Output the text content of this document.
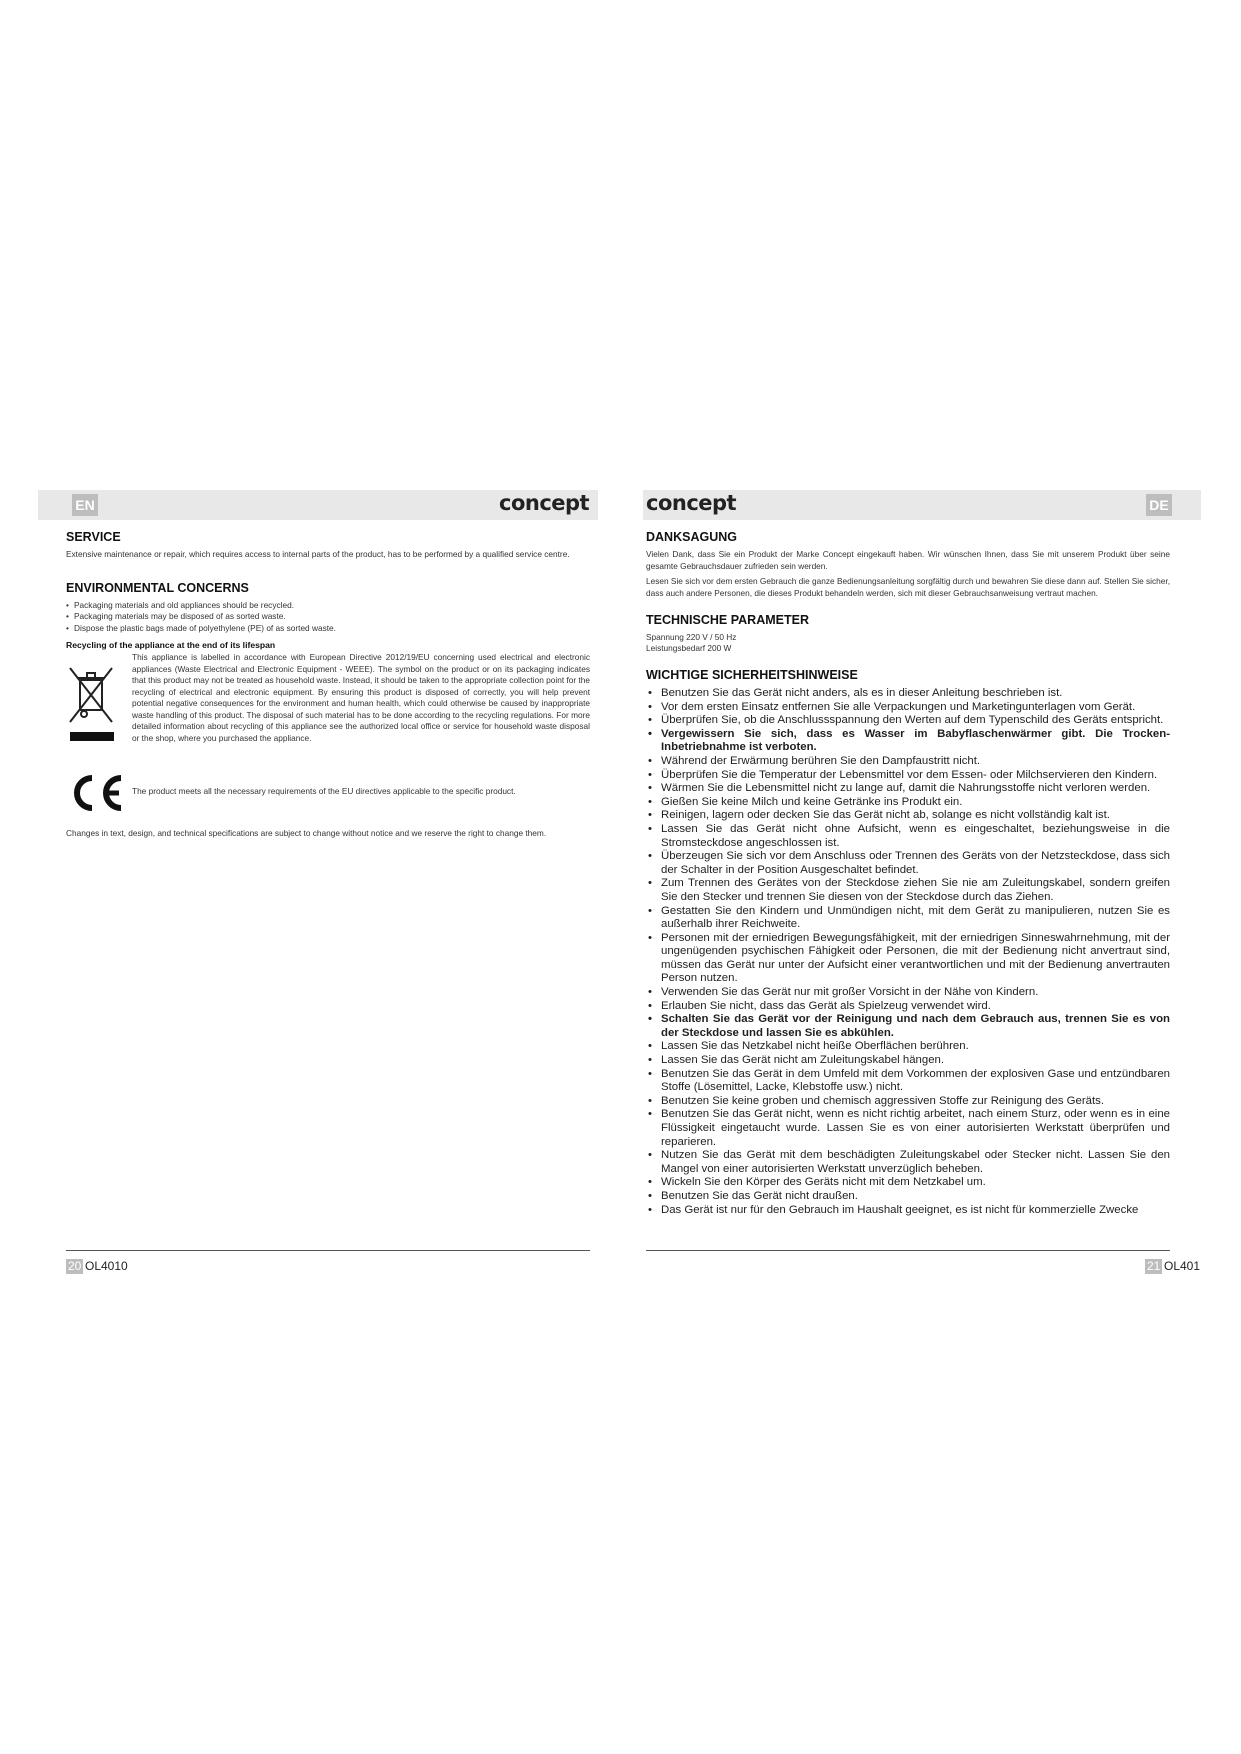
EN	concept	concept	DE
SERVICE

Extensive maintenance or repair, which requires access to internal parts of the product, has to be performed by a qualified service centre.

ENVIRONMENTAL CONCERNS
• Packaging materials and old appliances should be recycled.
• Packaging materials may be disposed of as sorted waste.
• Dispose the plastic bags made of polyethylene (PE) of as sorted waste.
Recycling of the appliance at the end of its lifespan

This appliance is labelled in accordance with European Directive 2012/19/EU concerning used electrical and electronic appliances (Waste Electrical and Electronic Equipment - WEEE). The symbol on the product or on its packaging indicates that this product may not be treated as household waste. Instead, it should be taken to the appropriate collection point for the recycling of electrical and electronic equipment. By ensuring this product is disposed of correctly, you will help prevent potential negative consequences for the environment and human health, which could otherwise be caused by inappropriate waste handling of this product. The disposal of such material has to be done according to the recycling regulations. For more detailed information about recycling of this appliance see the authorized local office or service for household waste disposal or the shop, where you purchased the appliance.

The product meets all the necessary requirements of the EU directives applicable to the specific product.

Changes in text, design, and technical specifications are subject to change without notice and we reserve the right to change them.

DANKSAGUNG

Vielen Dank, dass Sie ein Produkt der Marke Concept eingekauft haben. Wir wünschen Ihnen, dass Sie mit unserem Produkt über seine gesamte Gebrauchsdauer zufrieden sein werden.

Lesen Sie sich vor dem ersten Gebrauch die ganze Bedienungsanleitung sorgfältig durch und bewahren Sie diese dann auf. Stellen Sie sicher, dass auch andere Personen, die dieses Produkt behandeln werden, sich mit dieser Gebrauchsanweisung vertraut machen.

TECHNISCHE PARAMETER
Spannung 220 V / 50 Hz
Leistungsbedarf 200 W
WICHTIGE SICHERHEITSHINWEISE
• Benutzen Sie das Gerät nicht anders, als es in dieser Anleitung beschrieben ist.
• Vor dem ersten Einsatz entfernen Sie alle Verpackungen und Marketingunterlagen vom Gerät.
• Überprüfen Sie, ob die Anschlussspannung den Werten auf dem Typenschild des Geräts entspricht.
• Vergewissern Sie sich, dass es Wasser im Babyflaschenwärmer gibt. Die Trocken-Inbetriebnahme ist verboten.
• Während der Erwärmung berühren Sie den Dampfaustritt nicht.
• Überprüfen Sie die Temperatur der Lebensmittel vor dem Essen- oder Milchservieren den Kindern.
• Wärmen Sie die Lebensmittel nicht zu lange auf, damit die Nahrungsstoffe nicht verloren werden.
• Gießen Sie keine Milch und keine Getränke ins Produkt ein.
• Reinigen, lagern oder decken Sie das Gerät nicht ab, solange es nicht vollständig kalt ist.
• Lassen Sie das Gerät nicht ohne Aufsicht, wenn es eingeschaltet, beziehungsweise in die Stromsteckdose angeschlossen ist.
• Überzeugen Sie sich vor dem Anschluss oder Trennen des Geräts von der Netzsteckdose, dass sich der Schalter in der Position Ausgeschaltet befindet.
• Zum Trennen des Gerätes von der Steckdose ziehen Sie nie am Zuleitungskabel, sondern greifen Sie den Stecker und trennen Sie diesen von der Steckdose durch das Ziehen.
• Gestatten Sie den Kindern und Unmündigen nicht, mit dem Gerät zu manipulieren, nutzen Sie es außerhalb ihrer Reichweite.
• Personen mit der erniedrigen Bewegungsfähigkeit, mit der erniedrigen Sinneswahrnehmung, mit der ungenügenden psychischen Fähigkeit oder Personen, die mit der Bedienung nicht anvertraut sind, müssen das Gerät nur unter der Aufsicht einer verantwortlichen und mit der Bedienung anvertrauten Person nutzen.
• Verwenden Sie das Gerät nur mit großer Vorsicht in der Nähe von Kindern.
• Erlauben Sie nicht, dass das Gerät als Spielzeug verwendet wird.
• Schalten Sie das Gerät vor der Reinigung und nach dem Gebrauch aus, trennen Sie es von der Steckdose und lassen Sie es abkühlen.
• Lassen Sie das Netzkabel nicht heiße Oberflächen berühren.
• Lassen Sie das Gerät nicht am Zuleitungskabel hängen.
• Benutzen Sie das Gerät in dem Umfeld mit dem Vorkommen der explosiven Gase und entzündbaren Stoffe (Lösemittel, Lacke, Klebstoffe usw.) nicht.
• Benutzen Sie keine groben und chemisch aggressiven Stoffe zur Reinigung des Geräts.
• Benutzen Sie das Gerät nicht, wenn es nicht richtig arbeitet, nach einem Sturz, oder wenn es in eine Flüssigkeit eingetaucht wurde. Lassen Sie es von einer autorisierten Werkstatt überprüfen und reparieren.
• Nutzen Sie das Gerät mit dem beschädigten Zuleitungskabel oder Stecker nicht. Lassen Sie den Mangel von einer autorisierten Werkstatt unverzüglich beheben.
• Wickeln Sie den Körper des Geräts nicht mit dem Netzkabel um.
• Benutzen Sie das Gerät nicht draußen.
• Das Gerät ist nur für den Gebrauch im Haushalt geeignet, es ist nicht für kommerzielle Zwecke
20 OL4010	21 OL401
